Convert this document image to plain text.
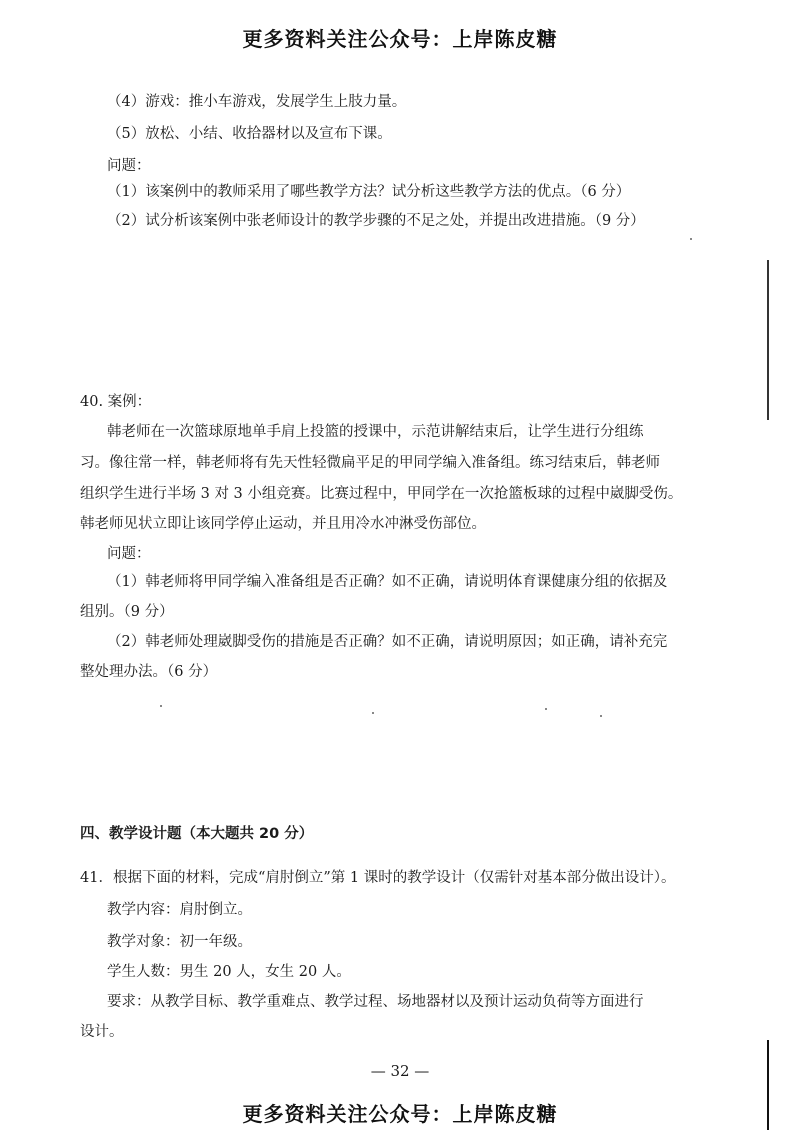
更多资料关注公众号：上岸陈皮糖
（4）游戏：推小车游戏，发展学生上肢力量。
（5）放松、小结、收拾器材以及宣布下课。
问题：
（1）该案例中的教师采用了哪些教学方法？试分析这些教学方法的优点。（6 分）
（2）试分析该案例中张老师设计的教学步骤的不足之处，并提出改进措施。（9 分）
40. 案例：
韩老师在一次篮球原地单手肩上投篮的授课中，示范讲解结束后，让学生进行分组练
习。像往常一样，韩老师将有先天性轻微扁平足的甲同学编入准备组。练习结束后，韩老师
组织学生进行半场 3 对 3 小组竞赛。比赛过程中，甲同学在一次抢篮板球的过程中崴脚受伤。
韩老师见状立即让该同学停止运动，并且用冷水冲淋受伤部位。
问题：
（1）韩老师将甲同学编入准备组是否正确？如不正确，请说明体育课健康分组的依据及
组别。（9 分）
（2）韩老师处理崴脚受伤的措施是否正确？如不正确，请说明原因；如正确，请补充完
整处理办法。（6 分）
四、教学设计题（本大题共 20 分）
41．根据下面的材料，完成“肩肘倒立”第 1 课时的教学设计（仅需针对基本部分做出设计）。
教学内容：肩肘倒立。
教学对象：初一年级。
学生人数：男生 20 人，女生 20 人。
要求：从教学目标、教学重难点、教学过程、场地器材以及预计运动负荷等方面进行
设计。
— 32 —
更多资料关注公众号：上岸陈皮糖
